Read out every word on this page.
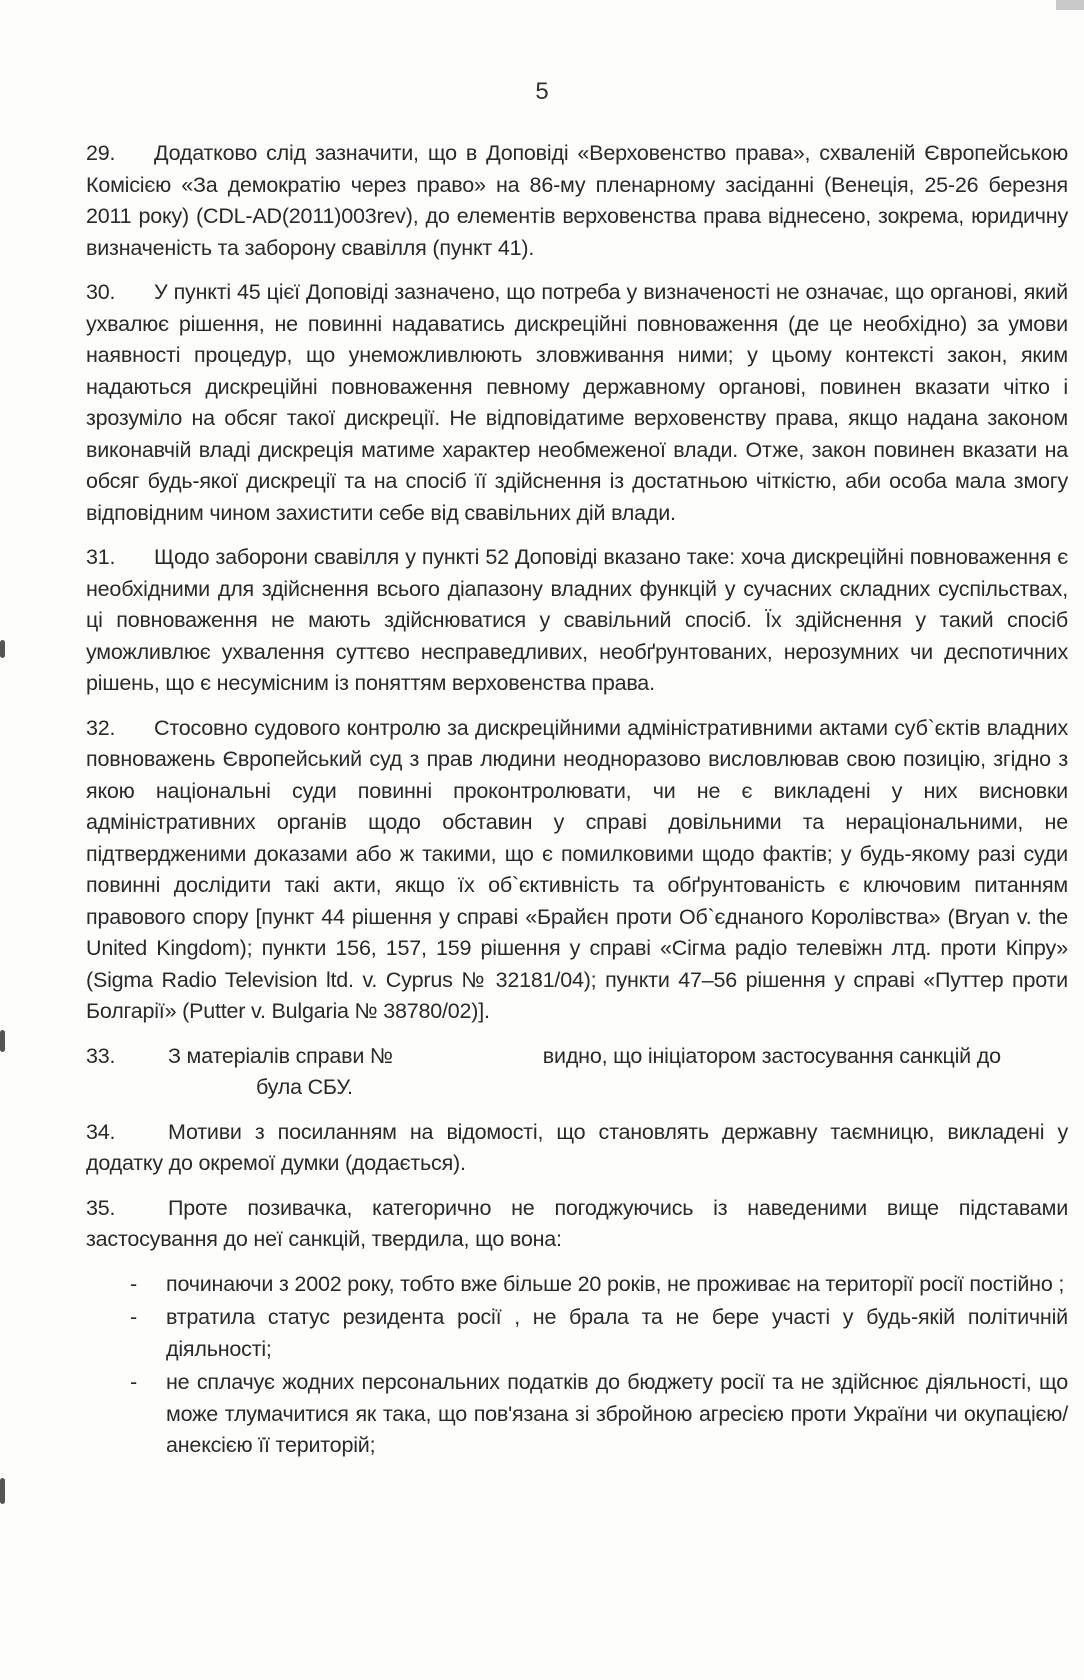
5

29. Додатково слід зазначити, що в Доповіді «Верховенство права», схваленій Європейською Комісією «За демократію через право» на 86-му пленарному засіданні (Венеція, 25-26 березня 2011 року) (CDL-AD(2011)003rev), до елементів верховенства права віднесено, зокрема, юридичну визначеність та заборону свавілля (пункт 41).

30. У пункті 45 цієї Доповіді зазначено, що потреба у визначеності не означає, що органові, який ухвалює рішення, не повинні надаватись дискреційні повноваження (де це необхідно) за умови наявності процедур, що унеможливлюють зловживання ними; у цьому контексті закон, яким надаються дискреційні повноваження певному державному органові, повинен вказати чітко і зрозуміло на обсяг такої дискреції. Не відповідатиме верховенству права, якщо надана законом виконавчій владі дискреція матиме характер необмеженої влади. Отже, закон повинен вказати на обсяг будь-якої дискреції та на спосіб її здійснення із достатньою чіткістю, аби особа мала змогу відповідним чином захистити себе від свавільних дій влади.

31. Щодо заборони свавілля у пункті 52 Доповіді вказано таке: хоча дискреційні повноваження є необхідними для здійснення всього діапазону владних функцій у сучасних складних суспільствах, ці повноваження не мають здійснюватися у свавільний спосіб. Їх здійснення у такий спосіб уможливлює ухвалення суттєво несправедливих, необґрунтованих, нерозумних чи деспотичних рішень, що є несумісним із поняттям верховенства права.

32. Стосовно судового контролю за дискреційними адміністративними актами суб`єктів владних повноважень Європейський суд з прав людини неодноразово висловлював свою позицію, згідно з якою національні суди повинні проконтролювати, чи не є викладені у них висновки адміністративних органів щодо обставин у справі довільними та нераціональними, не підтвердженими доказами або ж такими, що є помилковими щодо фактів; у будь-якому разі суди повинні дослідити такі акти, якщо їх об`єктивність та обґрунтованість є ключовим питанням правового спору [пункт 44 рішення у справі «Брайєн проти Об`єднаного Королівства» (Bryan v. the United Kingdom); пункти 156, 157, 159 рішення у справі «Сігма радіо телевіжн лтд. проти Кіпру» (Sigma Radio Television ltd. v. Cyprus № 32181/04); пункти 47–56 рішення у справі «Путтер проти Болгарії» (Putter v. Bulgaria № 38780/02)].

33. З матеріалів справи №	видно, що ініціатором застосування санкцій до
була СБУ.

34. Мотиви з посиланням на відомості, що становлять державну таємницю, викладені у додатку до окремої думки (додається).

35. Проте позивачка, категорично не погоджуючись із наведеними вище підставами застосування до неї санкцій, твердила, що вона:

-	починаючи з 2002 року, тобто вже більше 20 років, не проживає на території росії постійно ;
-	втратила статус резидента росії , не брала та не бере участі у будь-якій політичній діяльності;
-	не сплачує жодних персональних податків до бюджету росії та не здійснює діяльності, що може тлумачитися як така, що пов'язана зі збройною агресією проти України чи окупацією/анексією її територій;
